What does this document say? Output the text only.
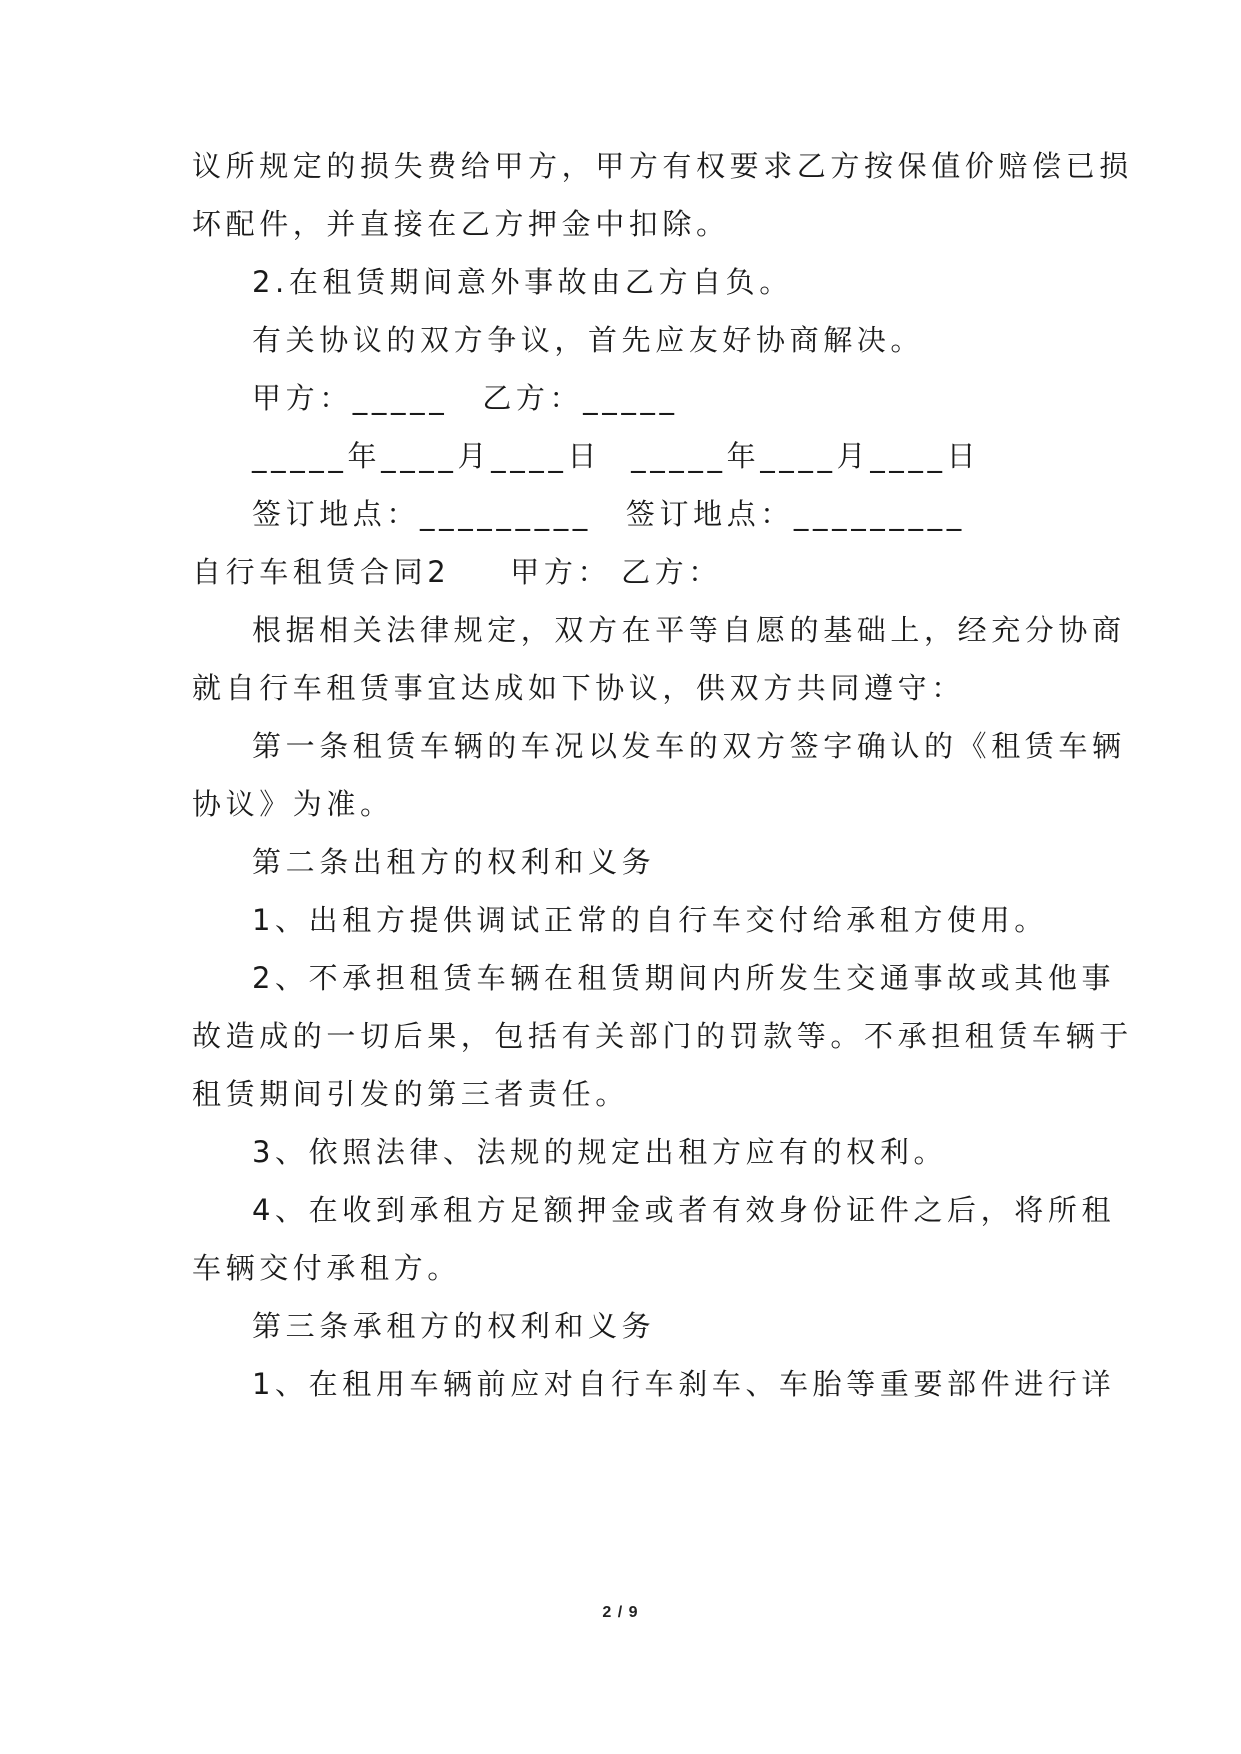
议所规定的损失费给甲方，甲方有权要求乙方按保值价赔偿已损
坏配件，并直接在乙方押金中扣除。
2.在租赁期间意外事故由乙方自负。
有关协议的双方争议，首先应友好协商解决。
甲方：_____ 乙方：_____
_____年____月____日 _____年____月____日
签订地点：_________ 签订地点：_________
自行车租赁合同2 甲方： 乙方：
根据相关法律规定，双方在平等自愿的基础上，经充分协商
就自行车租赁事宜达成如下协议，供双方共同遵守：
第一条租赁车辆的车况以发车的双方签字确认的《租赁车辆
协议》为准。
第二条出租方的权利和义务
1、出租方提供调试正常的自行车交付给承租方使用。
2、不承担租赁车辆在租赁期间内所发生交通事故或其他事
故造成的一切后果，包括有关部门的罚款等。不承担租赁车辆于
租赁期间引发的第三者责任。
3、依照法律、法规的规定出租方应有的权利。
4、在收到承租方足额押金或者有效身份证件之后，将所租
车辆交付承租方。
第三条承租方的权利和义务
1、在租用车辆前应对自行车刹车、车胎等重要部件进行详
2 / 9
